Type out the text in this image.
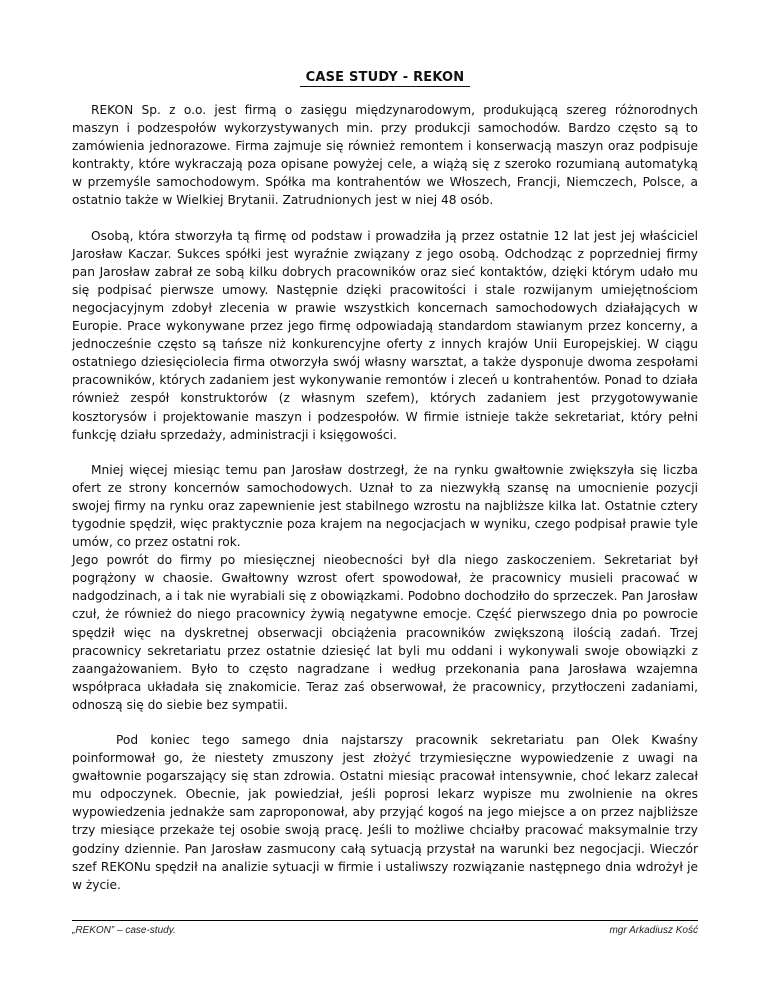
CASE STUDY - REKON

REKON Sp. z o.o. jest firmą o zasięgu międzynarodowym, produkującą szereg różnorodnych maszyn i podzespołów wykorzystywanych min. przy produkcji samochodów. Bardzo często są to zamówienia jednorazowe. Firma zajmuje się również remontem i konserwacją maszyn oraz podpisuje kontrakty, które wykraczają poza opisane powyżej cele, a wiążą się z szeroko rozumianą automatyką w przemyśle samochodowym. Spółka ma kontrahentów we Włoszech, Francji, Niemczech, Polsce, a ostatnio także w Wielkiej Brytanii. Zatrudnionych jest w niej 48 osób.

Osobą, która stworzyła tą firmę od podstaw i prowadziła ją przez ostatnie 12 lat jest jej właściciel Jarosław Kaczar. Sukces spółki jest wyraźnie związany z jego osobą. Odchodząc z poprzedniej firmy pan Jarosław zabrał ze sobą kilku dobrych pracowników oraz sieć kontaktów, dzięki którym udało mu się podpisać pierwsze umowy. Następnie dzięki pracowitości i stale rozwijanym umiejętnościom negocjacyjnym zdobył zlecenia w prawie wszystkich koncernach samochodowych działających w Europie. Prace wykonywane przez jego firmę odpowiadają standardom stawianym przez koncerny, a jednocześnie często są tańsze niż konkurencyjne oferty z innych krajów Unii Europejskiej. W ciągu ostatniego dziesięciolecia firma otworzyła swój własny warsztat, a także dysponuje dwoma zespołami pracowników, których zadaniem jest wykonywanie remontów i zleceń u kontrahentów. Ponad to działa również zespół konstruktorów (z własnym szefem), których zadaniem jest przygotowywanie kosztorysów i projektowanie maszyn i podzespołów. W firmie istnieje także sekretariat, który pełni funkcję działu sprzedaży, administracji i księgowości.

Mniej więcej miesiąc temu pan Jarosław dostrzegł, że na rynku gwałtownie zwiększyła się liczba ofert ze strony koncernów samochodowych. Uznał to za niezwykłą szansę na umocnienie pozycji swojej firmy na rynku oraz zapewnienie jest stabilnego wzrostu na najbliższe kilka lat. Ostatnie cztery tygodnie spędził, więc praktycznie poza krajem na negocjacjach w wyniku, czego podpisał prawie tyle umów, co przez ostatni rok.

Jego powrót do firmy po miesięcznej nieobecności był dla niego zaskoczeniem. Sekretariat był pogrążony w chaosie. Gwałtowny wzrost ofert spowodował, że pracownicy musieli pracować w nadgodzinach, a i tak nie wyrabiali się z obowiązkami. Podobno dochodziło do sprzeczek. Pan Jarosław czuł, że również do niego pracownicy żywią negatywne emocje. Część pierwszego dnia po powrocie spędził więc na dyskretnej obserwacji obciążenia pracowników zwiększoną ilością zadań. Trzej pracownicy sekretariatu przez ostatnie dziesięć lat byli mu oddani i wykonywali swoje obowiązki z zaangażowaniem. Było to często nagradzane i według przekonania pana Jarosława wzajemna współpraca układała się znakomicie. Teraz zaś obserwował, że pracownicy, przytłoczeni zadaniami, odnoszą się do siebie bez sympatii.

Pod koniec tego samego dnia najstarszy pracownik sekretariatu pan Olek Kwaśny poinformował go, że niestety zmuszony jest złożyć trzymiesięczne wypowiedzenie z uwagi na gwałtownie pogarszający się stan zdrowia. Ostatni miesiąc pracował intensywnie, choć lekarz zalecał mu odpoczynek. Obecnie, jak powiedział, jeśli poprosi lekarz wypisze mu zwolnienie na okres wypowiedzenia jednakże sam zaproponował, aby przyjąć kogoś na jego miejsce a on przez najbliższe trzy miesiące przekaże tej osobie swoją pracę. Jeśli to możliwe chciałby pracować maksymalnie trzy godziny dziennie. Pan Jarosław zasmucony całą sytuacją przystał na warunki bez negocjacji. Wieczór szef REKONu spędził na analizie sytuacji w firmie i ustaliwszy rozwiązanie następnego dnia wdrożył je w życie.

„REKON” – case-study.	mgr Arkadiusz Kość
